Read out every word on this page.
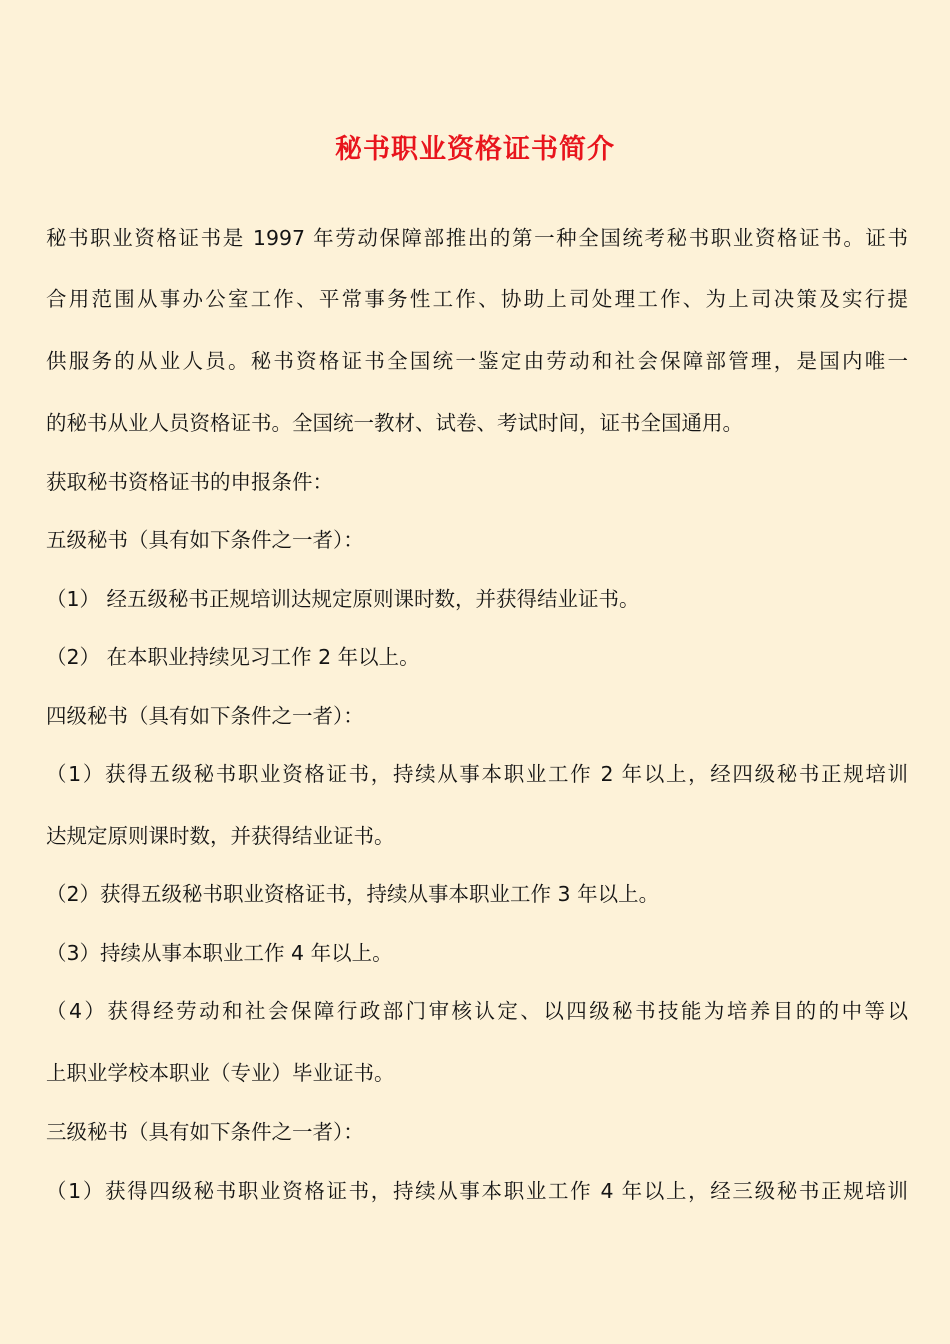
秘书职业资格证书简介
秘书职业资格证书是 1997 年劳动保障部推出的第一种全国统考秘书职业资格证书。证书
合用范围从事办公室工作、平常事务性工作、协助上司处理工作、为上司决策及实行提
供服务的从业人员。秘书资格证书全国统一鉴定由劳动和社会保障部管理，是国内唯一
的秘书从业人员资格证书。全国统一教材、试卷、考试时间，证书全国通用。
获取秘书资格证书的申报条件：
五级秘书（具有如下条件之一者）：
（1） 经五级秘书正规培训达规定原则课时数，并获得结业证书。
（2） 在本职业持续见习工作 2 年以上。
四级秘书（具有如下条件之一者）：
（1）获得五级秘书职业资格证书，持续从事本职业工作 2 年以上，经四级秘书正规培训
达规定原则课时数，并获得结业证书。
（2）获得五级秘书职业资格证书，持续从事本职业工作 3 年以上。
（3）持续从事本职业工作 4 年以上。
（4）获得经劳动和社会保障行政部门审核认定、以四级秘书技能为培养目的的中等以
上职业学校本职业（专业）毕业证书。
三级秘书（具有如下条件之一者）：
（1）获得四级秘书职业资格证书，持续从事本职业工作 4 年以上，经三级秘书正规培训
